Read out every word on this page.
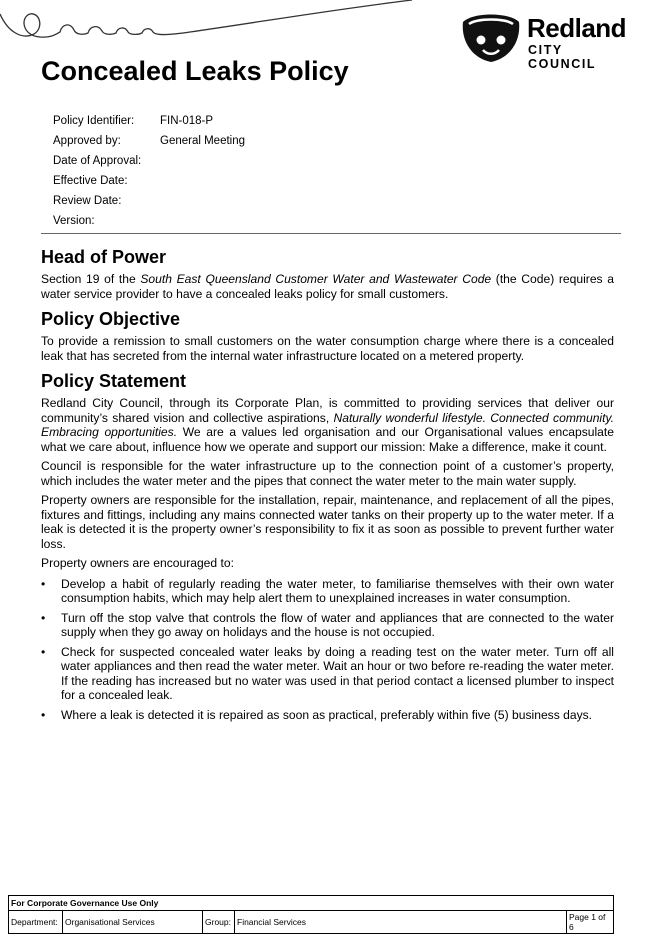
Redland
CITY COUNCIL
Concealed Leaks Policy
Policy Identifier:	FIN-018-P
Approved by:	General Meeting
Date of Approval:
Effective Date:
Review Date:
Version:
Head of Power

Section 19 of the South East Queensland Customer Water and Wastewater Code (the Code) requires a water service provider to have a concealed leaks policy for small customers.

Policy Objective

To provide a remission to small customers on the water consumption charge where there is a concealed leak that has secreted from the internal water infrastructure located on a metered property.

Policy Statement

Redland City Council, through its Corporate Plan, is committed to providing services that deliver our community’s shared vision and collective aspirations, Naturally wonderful lifestyle. Connected community. Embracing opportunities. We are a values led organisation and our Organisational values encapsulate what we care about, influence how we operate and support our mission: Make a difference, make it count.

Council is responsible for the water infrastructure up to the connection point of a customer’s property, which includes the water meter and the pipes that connect the water meter to the main water supply.

Property owners are responsible for the installation, repair, maintenance, and replacement of all the pipes, fixtures and fittings, including any mains connected water tanks on their property up to the water meter. If a leak is detected it is the property owner’s responsibility to fix it as soon as possible to prevent further water loss.

Property owners are encouraged to:

• Develop a habit of regularly reading the water meter, to familiarise themselves with their own water consumption habits, which may help alert them to unexplained increases in water consumption.
• Turn off the stop valve that controls the flow of water and appliances that are connected to the water supply when they go away on holidays and the house is not occupied.
• Check for suspected concealed water leaks by doing a reading test on the water meter. Turn off all water appliances and then read the water meter. Wait an hour or two before re-reading the water meter. If the reading has increased but no water was used in that period contact a licensed plumber to inspect for a concealed leak.
• Where a leak is detected it is repaired as soon as practical, preferably within five (5) business days.
For Corporate Governance Use Only
Department:	Organisational Services	Group:	Financial Services	Page 1 of 6
